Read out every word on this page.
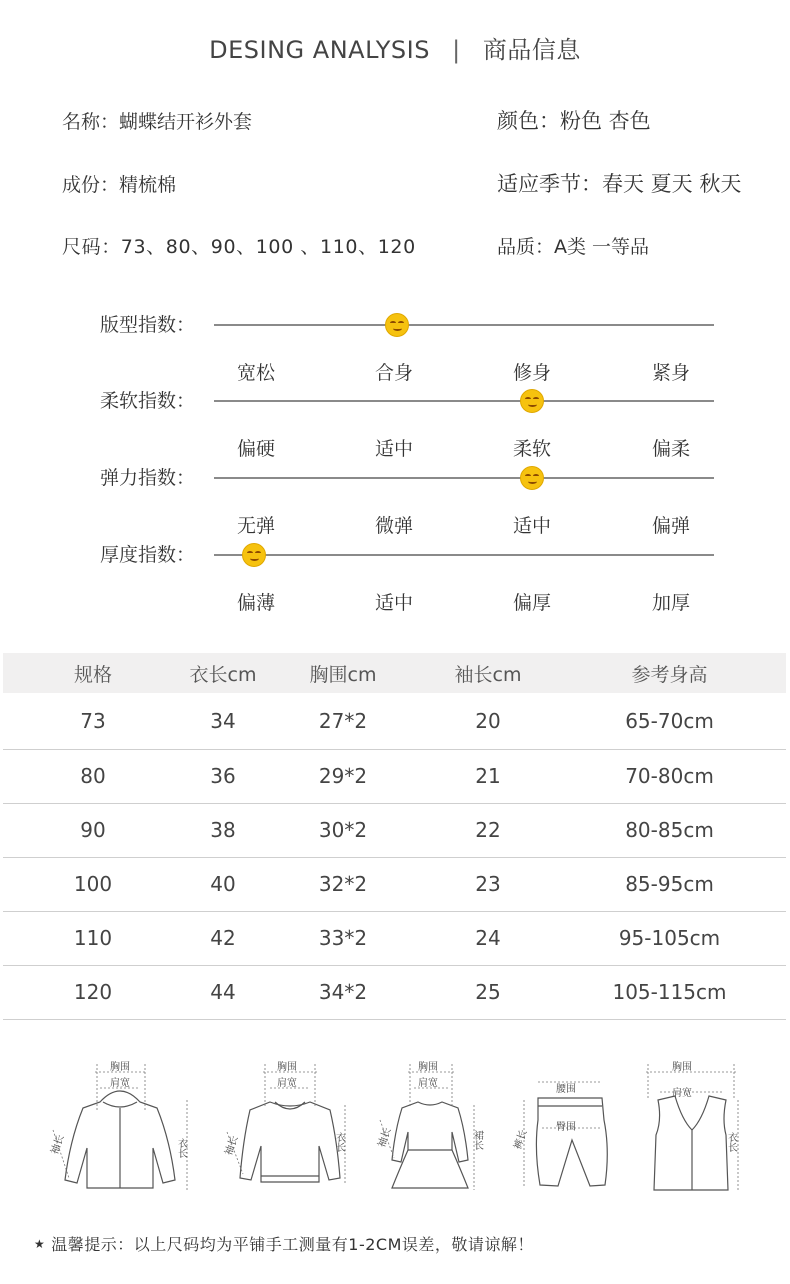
DESING ANALYSIS | 商品信息
名称：蝴蝶结开衫外套	颜色：粉色 杏色
成份：精梳棉	适应季节：春天 夏天 秋天
尺码：73、80、90、100 、110、120	品质：A类 一等品
版型指数：
宽松	合身	修身	紧身
柔软指数：
偏硬	适中	柔软	偏柔
弹力指数：
无弹	微弹	适中	偏弹
厚度指数：
偏薄	适中	偏厚	加厚
规格	衣长cm	胸围cm	袖长cm	参考身高
73	34	27*2	20	65-70cm
80	36	29*2	21	70-80cm
90	38	30*2	22	80-85cm
100	40	32*2	23	85-95cm
110	42	33*2	24	95-105cm
120	44	34*2	25	105-115cm
胸围
肩宽
袖长	衣长
胸围
肩宽
袖长	衣长
胸围
肩宽
袖长	裙长
腰围
臀围
裤长
胸围
肩宽
衣长
★ 温馨提示：以上尺码均为平铺手工测量有1-2CM误差，敬请谅解！
